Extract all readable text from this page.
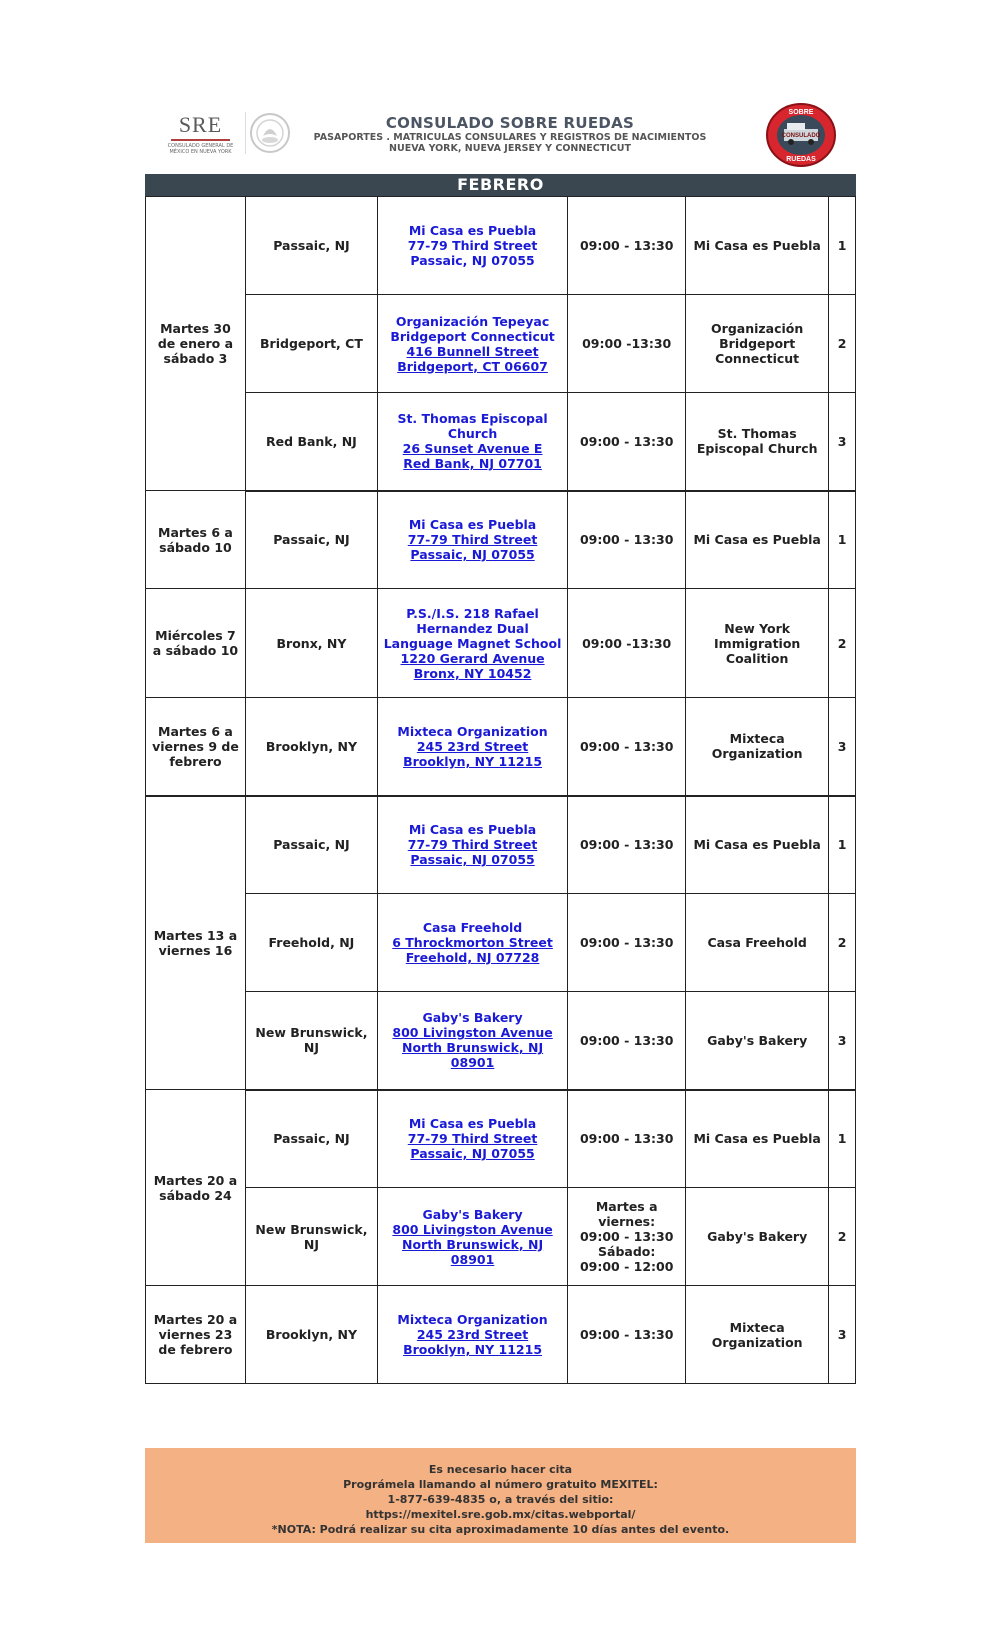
SRE
CONSULADO GENERAL DE
MÉXICO EN NUEVA YORK
CONSULADO SOBRE RUEDAS
PASAPORTES . MATRICULAS CONSULARES Y REGISTROS DE NACIMIENTOS
NUEVA YORK, NUEVA JERSEY Y CONNECTICUT
SOBRE
CONSULADO
RUEDAS
FEBRERO
Martes 30 de enero a sábado 3	Passaic, NJ	Mi Casa es Puebla
77-79 Third Street
Passaic, NJ 07055	09:00 - 13:30	Mi Casa es Puebla	1
	Bridgeport, CT	Organización Tepeyac Bridgeport Connecticut
416 Bunnell Street
Bridgeport, CT 06607	09:00 -13:30	Organización Bridgeport Connecticut	2
	Red Bank, NJ	St. Thomas Episcopal Church
26 Sunset Avenue E
Red Bank, NJ 07701	09:00 - 13:30	St. Thomas Episcopal Church	3
Martes 6 a sábado 10	Passaic, NJ	Mi Casa es Puebla
77-79 Third Street
Passaic, NJ 07055	09:00 - 13:30	Mi Casa es Puebla	1
Miércoles 7 a sábado 10	Bronx, NY	P.S./I.S. 218 Rafael Hernandez Dual Language Magnet School
1220 Gerard Avenue
Bronx, NY 10452	09:00 -13:30	New York Immigration Coalition	2
Martes 6 a viernes 9 de febrero	Brooklyn, NY	Mixteca Organization
245 23rd Street
Brooklyn, NY 11215	09:00 - 13:30	Mixteca Organization	3
Martes 13 a viernes 16	Passaic, NJ	Mi Casa es Puebla
77-79 Third Street
Passaic, NJ 07055	09:00 - 13:30	Mi Casa es Puebla	1
	Freehold, NJ	Casa Freehold
6 Throckmorton Street
Freehold, NJ 07728	09:00 - 13:30	Casa Freehold	2
	New Brunswick, NJ	Gaby's Bakery
800 Livingston Avenue
North Brunswick, NJ 08901	09:00 - 13:30	Gaby's Bakery	3
Martes 20 a sábado 24	Passaic, NJ	Mi Casa es Puebla
77-79 Third Street
Passaic, NJ 07055	09:00 - 13:30	Mi Casa es Puebla	1
	New Brunswick, NJ	Gaby's Bakery
800 Livingston Avenue
North Brunswick, NJ 08901	Martes a viernes:
09:00 - 13:30
Sábado:
09:00 - 12:00	Gaby's Bakery	2
Martes 20 a viernes 23 de febrero	Brooklyn, NY	Mixteca Organization
245 23rd Street
Brooklyn, NY 11215	09:00 - 13:30	Mixteca Organization	3
Es necesario hacer cita
Prográmela llamando al número gratuito MEXITEL:
1-877-639-4835 o, a través del sitio:
https://mexitel.sre.gob.mx/citas.webportal/
*NOTA: Podrá realizar su cita aproximadamente 10 días antes del evento.
